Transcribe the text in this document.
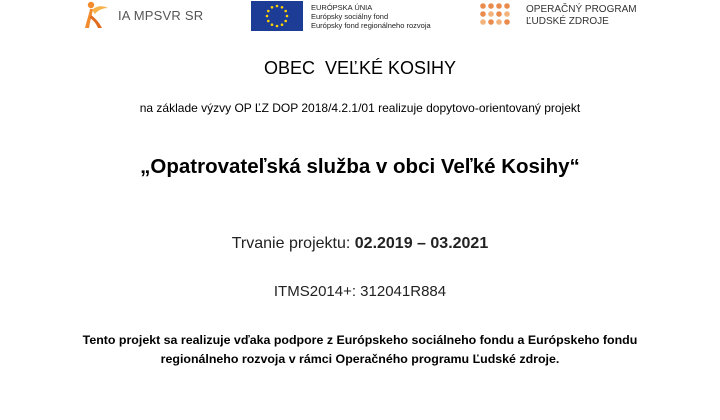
IA MPSVR SR
EURÓPSKA ÚNIA
Európsky sociálny fond
Európsky fond regionálneho rozvoja
OPERAČNÝ PROGRAM
ĽUDSKÉ ZDROJE
OBEC  VEĽKÉ KOSIHY
na základe výzvy OP ĽZ DOP 2018/4.2.1/01 realizuje dopytovo-orientovaný projekt
„Opatrovateľská služba v obci Veľké Kosihy“
Trvanie projektu: 02.2019 – 03.2021
ITMS2014+: 312041R884
Tento projekt sa realizuje vďaka podpore z Európskeho sociálneho fondu a Európskeho fondu
regionálneho rozvoja v rámci Operačného programu Ľudské zdroje.
